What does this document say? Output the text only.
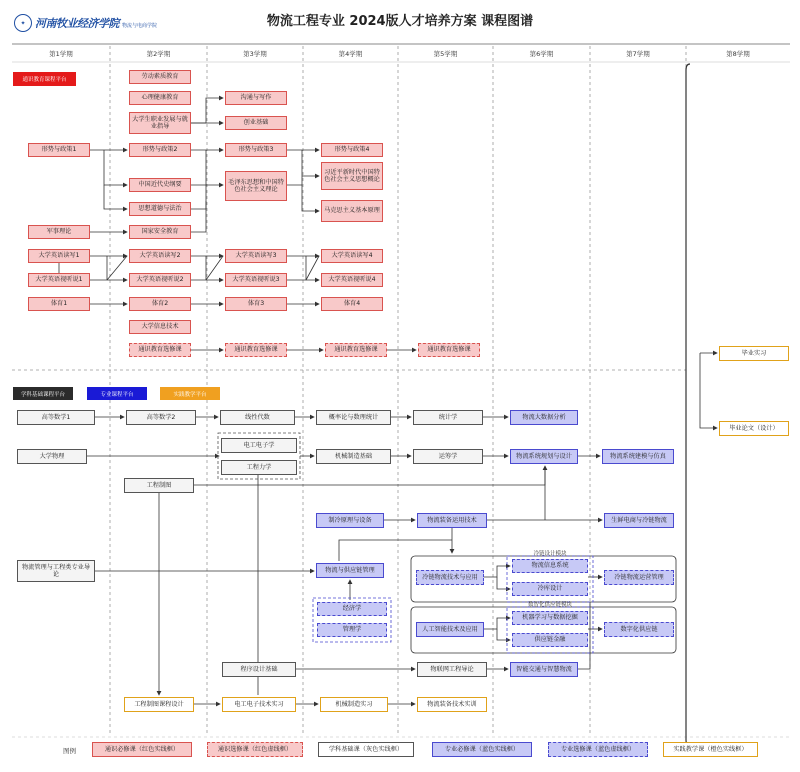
✦ 河南牧业经济学院 物流与电商学院	物流工程专业 2024版人才培养方案 课程图谱
第1学期	第2学期	第3学期	第4学期	第5学期	第6学期	第7学期	第8学期
通识教育课程平台
学科基础课程平台	专业课程平台	实践教学平台
劳动素质教育
心理健康教育
大学生职业发展与就业指导
沟通与写作
创业基础
形势与政策1	形势与政策2	形势与政策3	形势与政策4
习近平新时代中国特色社会主义思想概论
中国近代史纲要	毛泽东思想和中国特色社会主义理论
马克思主义基本原理
思想道德与法治
军事理论	国家安全教育
大学英语读写1	大学英语读写2	大学英语读写3	大学英语读写4
大学英语视听说1	大学英语视听说2	大学英语视听说3	大学英语视听说4
体育1	体育2	体育3	体育4
大学信息技术
通识教育选修课	通识教育选修课	通识教育选修课	通识教育选修课	毕业实习
毕业论文（设计）
高等数学1	高等数学2	线性代数	概率论与数理统计	统计学	物流大数据分析
大学物理
电工电子学
工程力学
机械制造基础	运筹学	物流系统规划与设计	物流系统建模与仿真
工程制图
制冷原理与设备	物流装备运用技术	生鲜电商与冷链物流
冷链设计模块
冷链物流技术与应用
物流信息系统
冷库设计
冷链物流运营管理
数智化供应链模块
人工智能技术及应用
机器学习与数据挖掘
供应链金融
数字化供应链
物流管理与工程类专业导论
物流与供应链管理
经济学
管理学
程序设计基础	物联网工程导论	智能交通与智慧物流
工程制图课程设计	电工电子技术实习	机械制造实习	物流装备技术实训
图例	通识必修课（红色实线框）	通识选修课（红色虚线框）	学科基础课（灰色实线框）	专业必修课（蓝色实线框）	专业选修课（蓝色虚线框）	实践教学课（橙色实线框）
